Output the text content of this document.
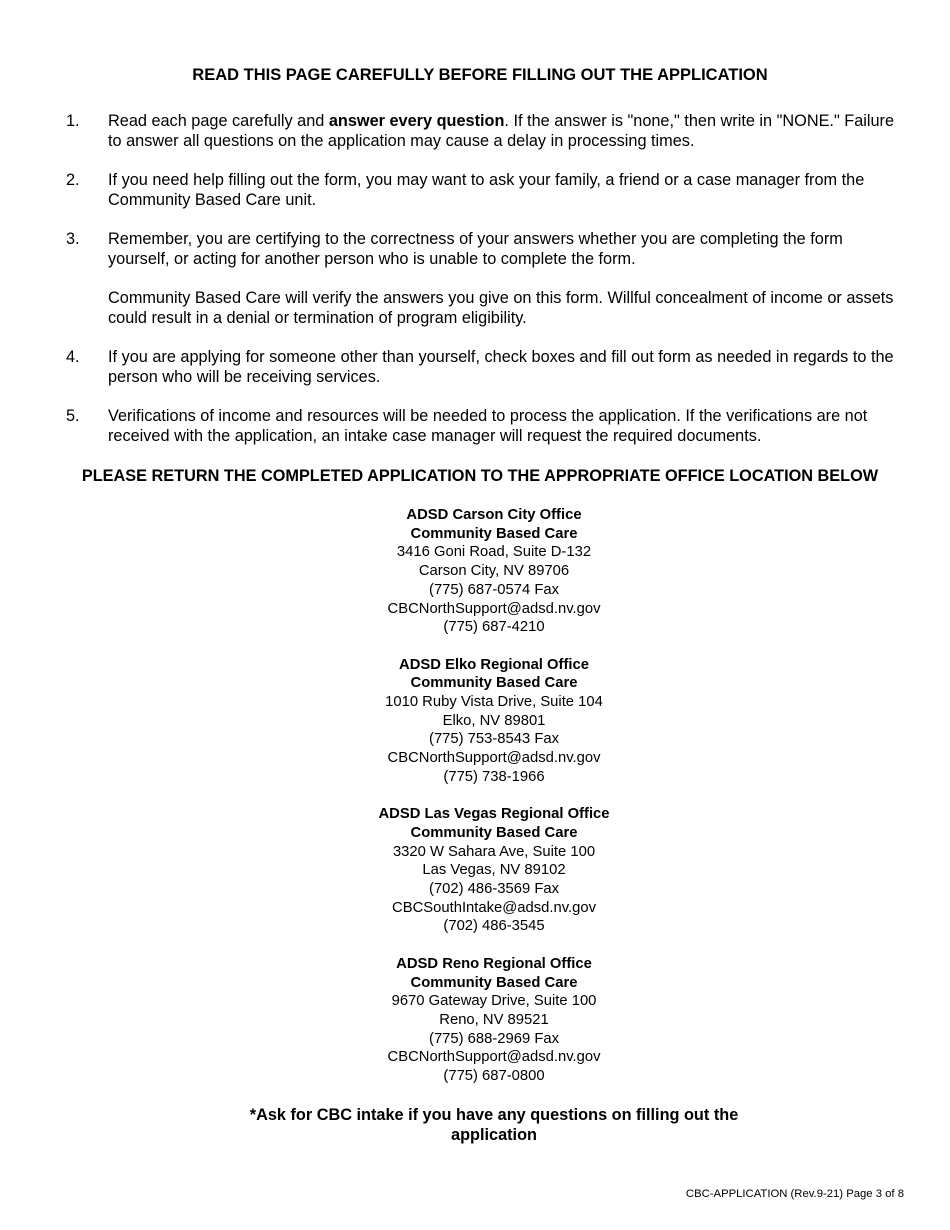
READ THIS PAGE CAREFULLY BEFORE FILLING OUT THE APPLICATION
1.	Read each page carefully and answer every question. If the answer is "none," then write in "NONE." Failure to answer all questions on the application may cause a delay in processing times.

2.	If you need help filling out the form, you may want to ask your family, a friend or a case manager from the Community Based Care unit.

3.	Remember, you are certifying to the correctness of your answers whether you are completing the form yourself, or acting for another person who is unable to complete the form.

Community Based Care will verify the answers you give on this form. Willful concealment of income or assets could result in a denial or termination of program eligibility.

4.	If you are applying for someone other than yourself, check boxes and fill out form as needed in regards to the person who will be receiving services.

5.	Verifications of income and resources will be needed to process the application. If the verifications are not received with the application, an intake case manager will request the required documents.

PLEASE RETURN THE COMPLETED APPLICATION TO THE APPROPRIATE OFFICE LOCATION BELOW
ADSD Carson City Office
Community Based Care
3416 Goni Road, Suite D-132
Carson City, NV 89706
(775) 687-0574 Fax
CBCNorthSupport@adsd.nv.gov
(775) 687-4210
ADSD Elko Regional Office
Community Based Care
1010 Ruby Vista Drive, Suite 104
Elko, NV 89801
(775) 753-8543 Fax
CBCNorthSupport@adsd.nv.gov
(775) 738-1966
ADSD Las Vegas Regional Office
Community Based Care
3320 W Sahara Ave, Suite 100
Las Vegas, NV 89102
(702) 486-3569 Fax
CBCSouthIntake@adsd.nv.gov
(702) 486-3545
ADSD Reno Regional Office
Community Based Care
9670 Gateway Drive, Suite 100
Reno, NV 89521
(775) 688-2969 Fax
CBCNorthSupport@adsd.nv.gov
(775) 687-0800
*Ask for CBC intake if you have any questions on filling out the application
CBC-APPLICATION (Rev.9-21) Page 3 of 8
